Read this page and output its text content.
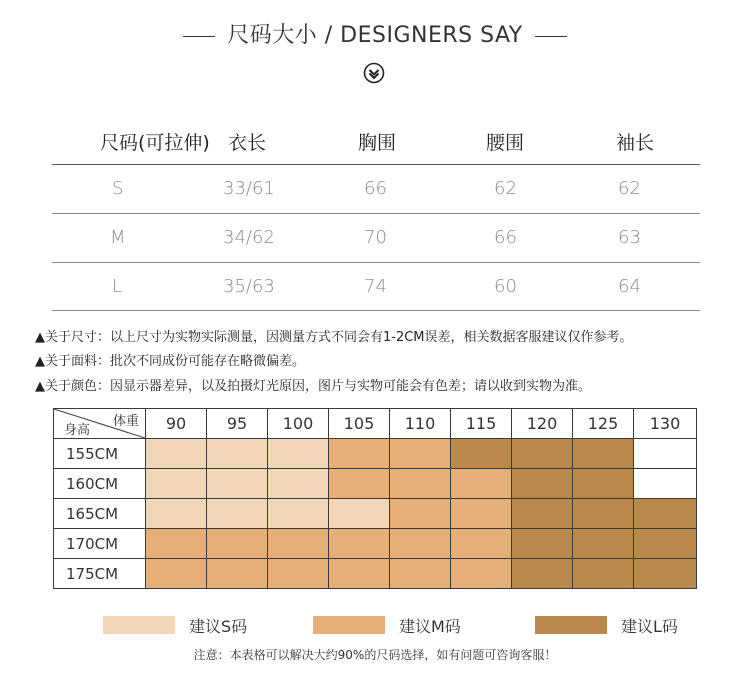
尺码大小 / DESIGNERS SAY
尺码(可拉伸) 衣长	胸围	腰围	袖长
S	33/61	66	62	62
M	34/62	70	66	63
L	35/63	74	60	64
▲关于尺寸：以上尺寸为实物实际测量，因测量方式不同会有1-2CM误差，相关数据客服建议仅作参考。
▲关于面料：批次不同成份可能存在略微偏差。
▲关于颜色：因显示器差异，以及拍摄灯光原因，图片与实物可能会有色差；请以收到实物为准。
体重
身高	90	95	100	105	110	115	120	125	130
155CM									
160CM									
165CM									
170CM									
175CM									
建议S码	建议M码	建议L码
注意：本表格可以解决大约90%的尺码选择，如有问题可咨询客服！
